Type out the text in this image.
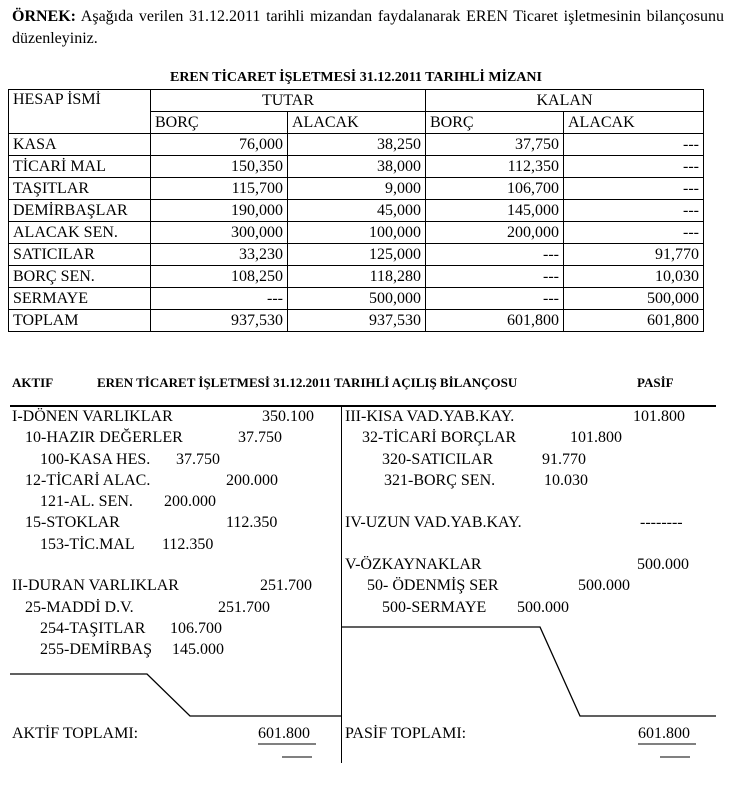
ÖRNEK: Aşağıda verilen 31.12.2011 tarihli mizandan faydalanarak EREN Ticaret işletmesinin bilançosunu düzenleyiniz.
EREN TİCARET İŞLETMESİ 31.12.2011 TARIHLİ MİZANI
HESAP İSMİ	TUTAR		KALAN	
	BORÇ	ALACAK	BORÇ	ALACAK
KASA	76,000	38,250	37,750	---
TİCARİ MAL	150,350	38,000	112,350	---
TAŞITLAR	115,700	9,000	106,700	---
DEMİRBAŞLAR	190,000	45,000	145,000	---
ALACAK SEN.	300,000	100,000	200,000	---
SATICILAR	33,230	125,000	---	91,770
BORÇ SEN.	108,250	118,280	---	10,030
SERMAYE	---	500,000	---	500,000
TOPLAM	937,530	937,530	601,800	601,800
AKTIF	EREN TİCARET İŞLETMESİ 31.12.2011 TARIHLİ AÇILIŞ BİLANÇOSU	PASİF
I-DÖNEN VARLIKLAR	350.100
10-HAZIR DEĞERLER	37.750
100-KASA HES. 37.750
12-TİCARİ ALAC.	200.000
121-AL. SEN. 200.000
15-STOKLAR	112.350
153-TİC.MAL 112.350
II-DURAN VARLIKLAR	251.700
25-MADDİ D.V.	251.700
254-TAŞITLAR 106.700
255-DEMİRBAŞ 145.000
III-KISA VAD.YAB.KAY.	101.800
32-TİCARİ BORÇLAR	101.800
320-SATICILAR	91.770
321-BORÇ SEN.	10.030
IV-UZUN VAD.YAB.KAY.	--------
V-ÖZKAYNAKLAR	500.000
50- ÖDENMİŞ SER	500.000
500-SERMAYE 500.000
AKTİF TOPLAMI:	601.800 PASİF TOPLAMI:	601.800
